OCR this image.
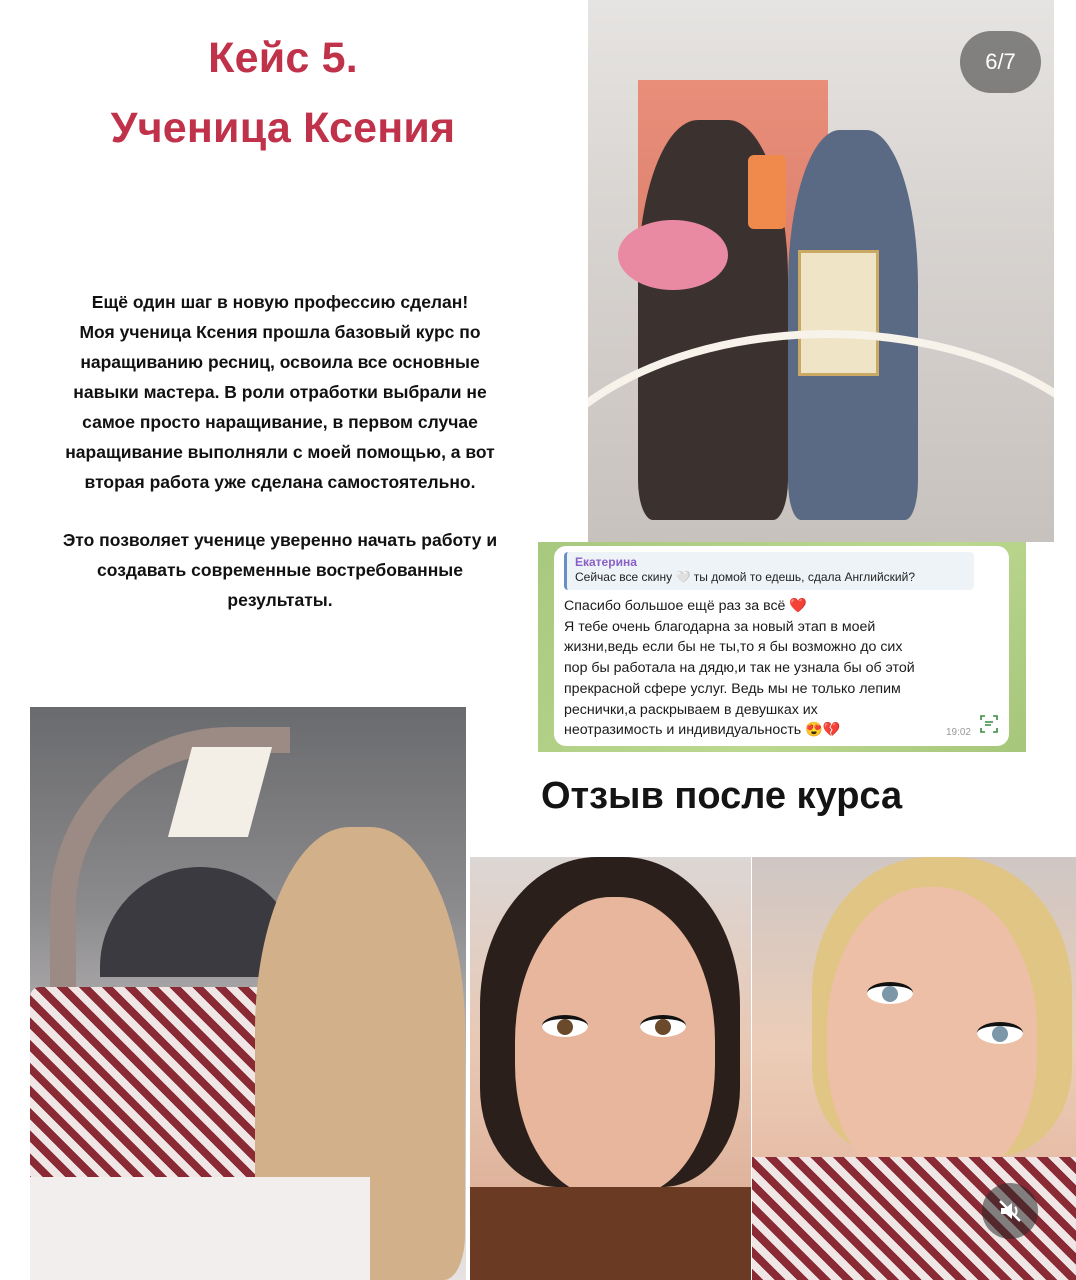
Кейс 5.
Ученица Ксения
Ещё один шаг в новую профессию сделан!
Моя ученица Ксения прошла базовый курс по
наращиванию ресниц, освоила все основные
навыки мастера. В роли отработки выбрали не
самое просто наращивание, в первом случае
наращивание выполняли с моей помощью, а вот
вторая работа уже сделана самостоятельно.
Это позволяет ученице уверенно начать работу и
создавать современные востребованные
результаты.
6/7
Екатерина
Сейчас все скину 🤍 ты домой то едешь, сдала Английский?
Спасибо большое ещё раз за всё ❤️
Я тебе очень благодарна за новый этап в моей
жизни,ведь если бы не ты,то я бы возможно до сих
пор бы работала на дядю,и так не узнала бы об этой
прекрасной сфере услуг. Ведь мы не только лепим
реснички,а раскрываем в девушках их
неотразимость и индивидуальность 😍💔	19:02
Отзыв после курса
